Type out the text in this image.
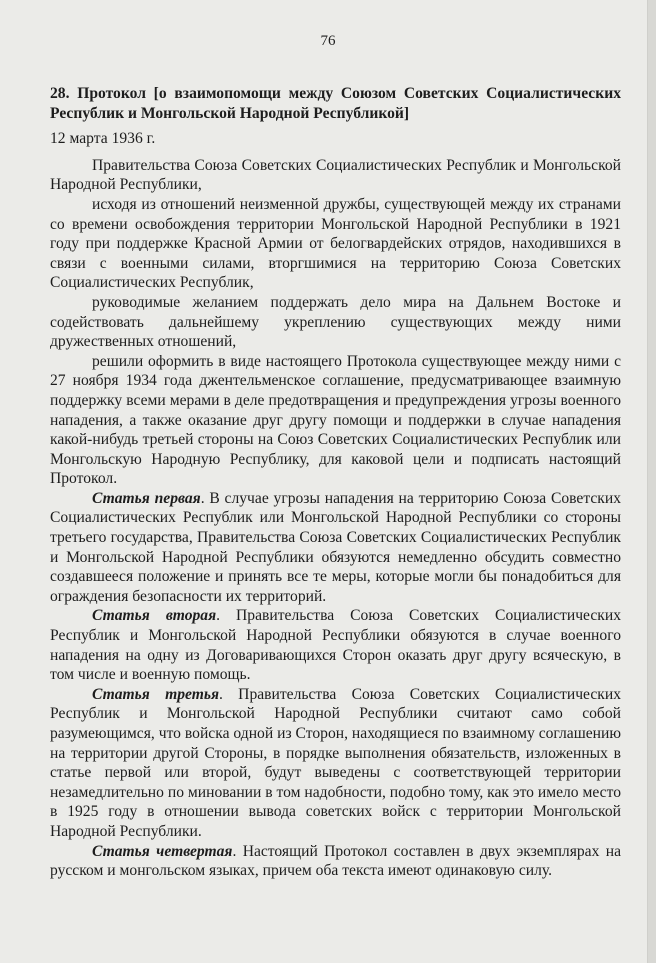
76

28. Протокол [о взаимопомощи между Союзом Советских Социалистических Республик и Монгольской Народной Республикой]

12 марта 1936 г.

Правительства Союза Советских Социалистических Республик и Монгольской Народной Республики,

исходя из отношений неизменной дружбы, существующей между их странами со времени освобождения территории Монгольской Народной Республики в 1921 году при поддержке Красной Армии от белогвардейских отрядов, находившихся в связи с военными силами, вторгшимися на территорию Союза Советских Социалистических Республик,

руководимые желанием поддержать дело мира на Дальнем Востоке и содействовать дальнейшему укреплению существующих между ними дружественных отношений,

решили оформить в виде настоящего Протокола существующее между ними с 27 ноября 1934 года джентельменское соглашение, предусматривающее взаимную поддержку всеми мерами в деле предотвращения и предупреждения угрозы военного нападения, а также оказание друг другу помощи и поддержки в случае нападения какой-нибудь третьей стороны на Союз Советских Социалистических Республик или Монгольскую Народную Республику, для каковой цели и подписать настоящий Протокол.

Статья первая. В случае угрозы нападения на территорию Союза Советских Социалистических Республик или Монгольской Народной Республики со стороны третьего государства, Правительства Союза Советских Социалистических Республик и Монгольской Народной Республики обязуются немедленно обсудить совместно создавшееся положение и принять все те меры, которые могли бы понадобиться для ограждения безопасности их территорий.

Статья вторая. Правительства Союза Советских Социалистических Республик и Монгольской Народной Республики обязуются в случае военного нападения на одну из Договаривающихся Сторон оказать друг другу всяческую, в том числе и военную помощь.

Статья третья. Правительства Союза Советских Социалистических Республик и Монгольской Народной Республики считают само собой разумеющимся, что войска одной из Сторон, находящиеся по взаимному соглашению на территории другой Стороны, в порядке выполнения обязательств, изложенных в статье первой или второй, будут выведены с соответствующей территории незамедлительно по миновании в том надобности, подобно тому, как это имело место в 1925 году в отношении вывода советских войск с территории Монгольской Народной Республики.

Статья четвертая. Настоящий Протокол составлен в двух экземплярах на русском и монгольском языках, причем оба текста имеют одинаковую силу.
